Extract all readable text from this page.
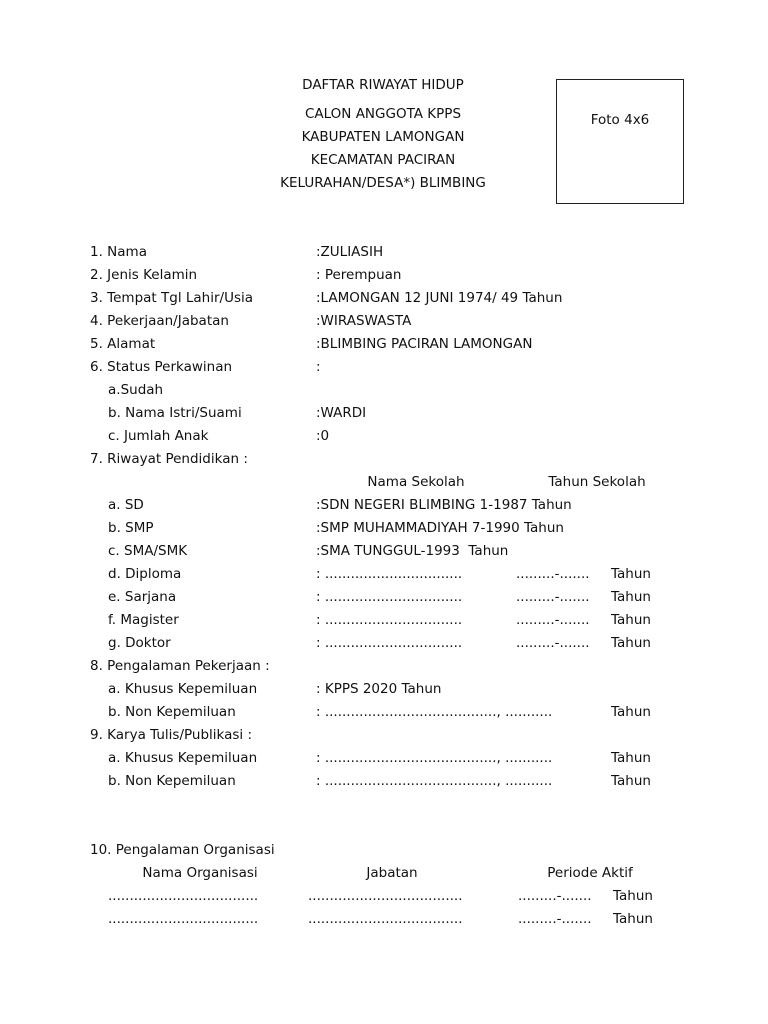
DAFTAR RIWAYAT HIDUP
CALON ANGGOTA KPPS
KABUPATEN LAMONGAN
KECAMATAN PACIRAN
KELURAHAN/DESA*) BLIMBING
Foto 4x6
1. Nama	:ZULIASIH
2. Jenis Kelamin	: Perempuan
3. Tempat Tgl Lahir/Usia	:LAMONGAN 12 JUNI 1974/ 49 Tahun
4. Pekerjaan/Jabatan	:WIRASWASTA
5. Alamat	:BLIMBING PACIRAN LAMONGAN
6. Status Perkawinan	:
a.Sudah
b. Nama Istri/Suami	:WARDI
c. Jumlah Anak	:0
7. Riwayat Pendidikan :
Nama Sekolah	Tahun Sekolah
a. SD	:SDN NEGERI BLIMBING 1-1987 Tahun
b. SMP	:SMP MUHAMMADIYAH 7-1990 Tahun
c. SMA/SMK	:SMA TUNGGUL-1993  Tahun
d. Diploma	: ................................	.........-....... Tahun
e. Sarjana	: ................................	.........-....... Tahun
f. Magister	: ................................	.........-....... Tahun
g. Doktor	: ................................	.........-....... Tahun
8. Pengalaman Pekerjaan :
a. Khusus Kepemiluan	: KPPS 2020 Tahun
b. Non Kepemiluan	: ........................................, ...........	Tahun
9. Karya Tulis/Publikasi :
a. Khusus Kepemiluan	: ........................................, ...........	Tahun
b. Non Kepemiluan	: ........................................, ...........	Tahun
10. Pengalaman Organisasi
Nama Organisasi	Jabatan	Periode Aktif
...................................	....................................	.........-....... Tahun
...................................	....................................	.........-....... Tahun
